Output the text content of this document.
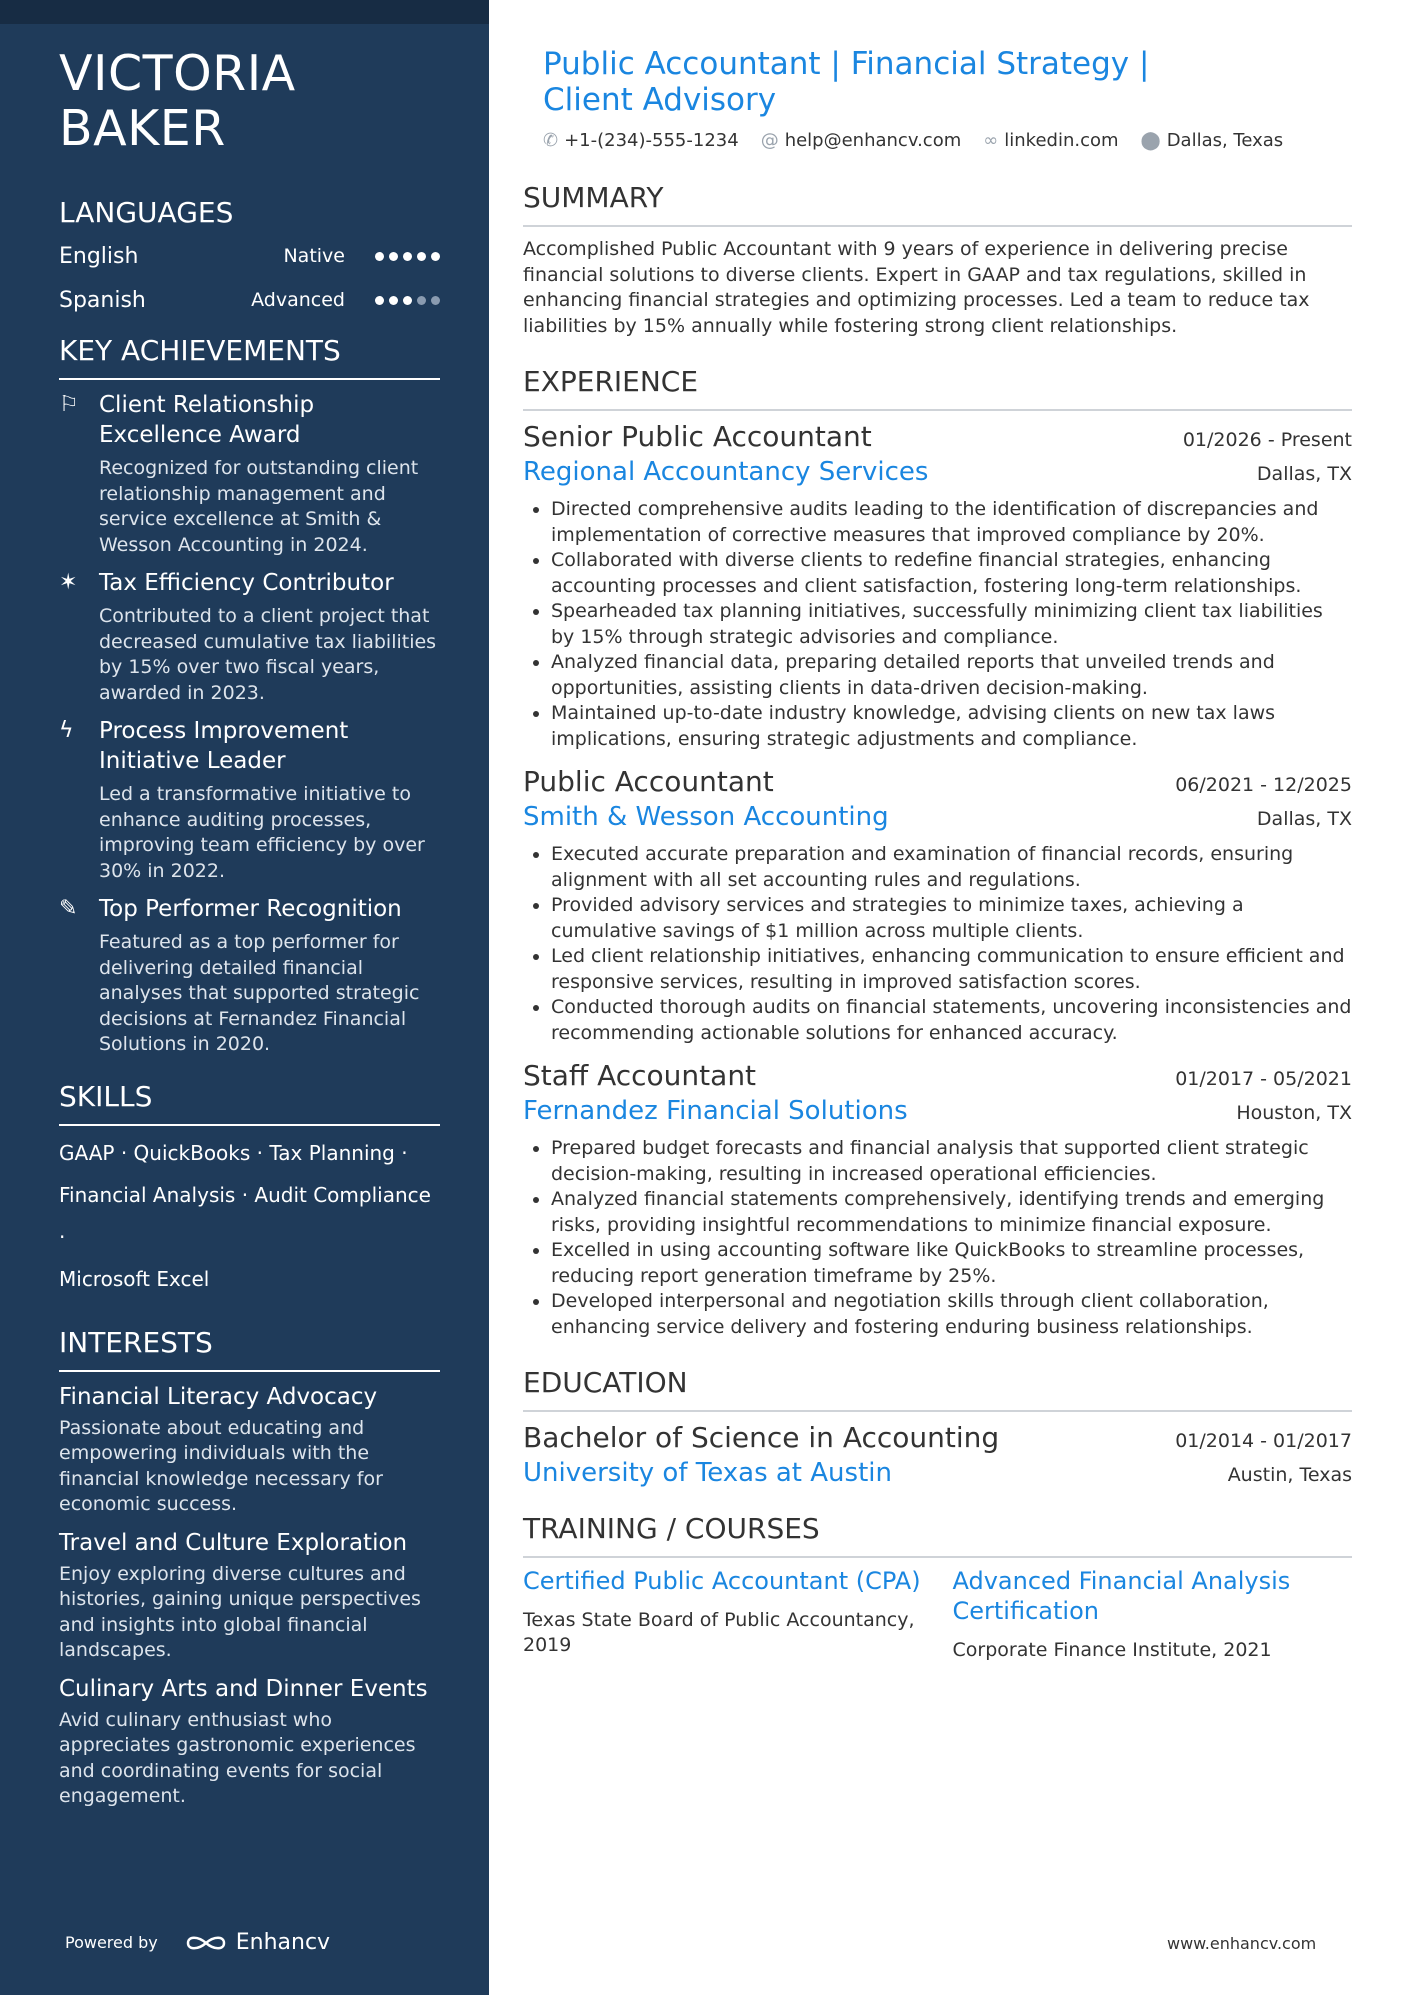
VICTORIA
BAKER
LANGUAGES
English	Native
Spanish	Advanced
KEY ACHIEVEMENTS
⚐ Client Relationship Excellence Award
Recognized for outstanding client relationship management and service excellence at Smith & Wesson Accounting in 2024.
✶ Tax Efficiency Contributor
Contributed to a client project that decreased cumulative tax liabilities by 15% over two fiscal years, awarded in 2023.
ϟ	Process Improvement Initiative Leader
Led a transformative initiative to enhance auditing processes, improving team efficiency by over 30% in 2022.
✎ Top Performer Recognition
Featured as a top performer for delivering detailed financial analyses that supported strategic decisions at Fernandez Financial Solutions in 2020.
SKILLS
GAAP · QuickBooks · Tax Planning ·
Financial Analysis · Audit Compliance ·
Microsoft Excel
INTERESTS
Financial Literacy Advocacy
Passionate about educating and empowering individuals with the financial knowledge necessary for economic success.
Travel and Culture Exploration
Enjoy exploring diverse cultures and histories, gaining unique perspectives and insights into global financial landscapes.
Culinary Arts and Dinner Events
Avid culinary enthusiast who appreciates gastronomic experiences and coordinating events for social engagement.
Powered by	Enhancv
Public Accountant | Financial Strategy | Client Advisory
✆ +1-(234)-555-1234 @ help@enhancv.com ∞ linkedin.com ⬤ Dallas, Texas
SUMMARY
Accomplished Public Accountant with 9 years of experience in delivering precise financial solutions to diverse clients. Expert in GAAP and tax regulations, skilled in enhancing financial strategies and optimizing processes. Led a team to reduce tax liabilities by 15% annually while fostering strong client relationships.
EXPERIENCE
Senior Public Accountant	01/2026 - Present
Regional Accountancy Services	Dallas, TX
• Directed comprehensive audits leading to the identification of discrepancies and implementation of corrective measures that improved compliance by 20%.
• Collaborated with diverse clients to redefine financial strategies, enhancing accounting processes and client satisfaction, fostering long-term relationships.
• Spearheaded tax planning initiatives, successfully minimizing client tax liabilities by 15% through strategic advisories and compliance.
• Analyzed financial data, preparing detailed reports that unveiled trends and opportunities, assisting clients in data-driven decision-making.
• Maintained up-to-date industry knowledge, advising clients on new tax laws implications, ensuring strategic adjustments and compliance.
Public Accountant	06/2021 - 12/2025
Smith & Wesson Accounting	Dallas, TX
• Executed accurate preparation and examination of financial records, ensuring alignment with all set accounting rules and regulations.
• Provided advisory services and strategies to minimize taxes, achieving a cumulative savings of $1 million across multiple clients.
• Led client relationship initiatives, enhancing communication to ensure efficient and responsive services, resulting in improved satisfaction scores.
• Conducted thorough audits on financial statements, uncovering inconsistencies and recommending actionable solutions for enhanced accuracy.
Staff Accountant	01/2017 - 05/2021
Fernandez Financial Solutions	Houston, TX
• Prepared budget forecasts and financial analysis that supported client strategic decision-making, resulting in increased operational efficiencies.
• Analyzed financial statements comprehensively, identifying trends and emerging risks, providing insightful recommendations to minimize financial exposure.
• Excelled in using accounting software like QuickBooks to streamline processes, reducing report generation timeframe by 25%.
• Developed interpersonal and negotiation skills through client collaboration, enhancing service delivery and fostering enduring business relationships.
EDUCATION
Bachelor of Science in Accounting	01/2014 - 01/2017
University of Texas at Austin	Austin, Texas
TRAINING / COURSES
Certified Public Accountant (CPA)
Texas State Board of Public Accountancy, 2019
Advanced Financial Analysis Certification
Corporate Finance Institute, 2021
www.enhancv.com
